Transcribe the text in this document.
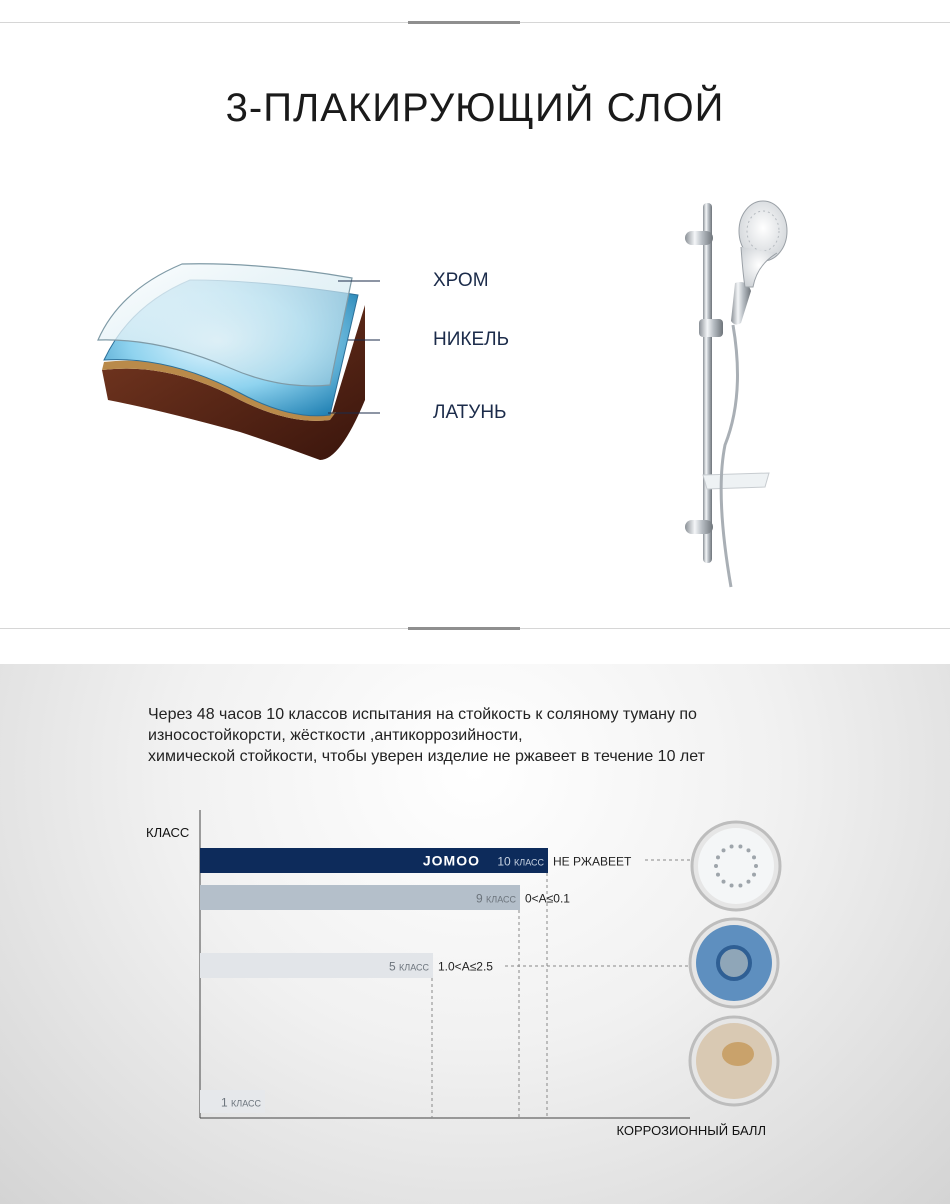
3-ПЛАКИРУЮЩИЙ СЛОЙ
ХРОМ
НИКЕЛЬ
ЛАТУНЬ
Через 48 часов 10 классов испытания на стойкость к соляному туману по
износостойкорсти, жёсткости ,антикоррозийности,
химической стойкости, чтобы уверен изделие не ржавеет в течение 10 лет
КЛАСС
КОРРОЗИОННЫЙ БАЛЛ
JOMOO 10 КЛАСС НЕ РЖАВЕЕТ
9 КЛАСС 0<A≤0.1
5 КЛАСС 1.0<A≤2.5
1 КЛАСС
